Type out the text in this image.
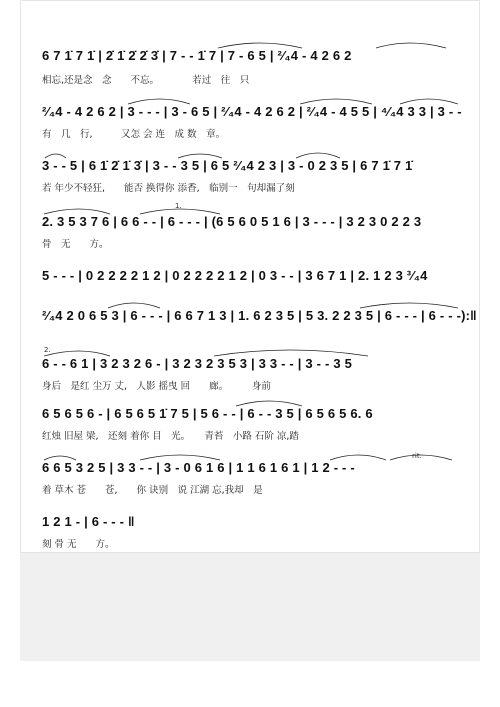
6 7 1̇ 7 1̇ | 2̇ 1̇ 2̇ 2̇ 3̇ | 7 - - 1̇ 7 | 7 - 6 5 | ²⁄₄4 - 4 2 6 2
相忘,还是念　念　　不忘。　　　　若过　往　只
²⁄₄4 - 4 2 6 2 | 3 - - - | 3 - 6 5 | ²⁄₄4 - 4 2 6 2 | ²⁄₄4 - 4 5 5 | ⁴⁄₄4 3 3 | 3 - -
有　几　行,　　　又怎 会 连　成 数　章。
3 - - 5 | 6 1̇ 2̇ 1̇ 3̇ | 3 - - 3 5 | 6 5 ²⁄₄4 2 3 | 3 - 0 2 3 5 | 6 7 1̇ 7 1̇
若 年少不轻狂,　　能否 换得你 添香,　临别一　句却漏了刻
1.
2. 3 5 3 7 6 | 6 6 - - | 6 - - - | (6 5 6 0 5 1 6 | 3 - - - | 3 2 3 0 2 2 3
骨　无　　方。
5 - - - | 0 2 2 2 2 1 2 | 0 2 2 2 2 1 2 | 0 3 - - | 3 6 7 1 | 2. 1 2 3 ³⁄₄4
²⁄₄4 2 0 6 5 3 | 6 - - - | 6 6 7 1 3 | 1. 6 2 3 5 | 5 3. 2 2 3 5 | 6 - - - | 6 - - -):‖
2.
6 - - 6 1 | 3 2 3 2 6 - | 3 2 3 2 3 5 3 | 3 3 - - | 3 - - 3 5
身后　是红 尘万 丈,　人影 摇曳 回　　廊。　　　身前
6 5 6 5 6 - | 6 5 6 5 1̇ 7 5 | 5 6 - - | 6 - - 3 5 | 6 5 6 5 6. 6
红烛 旧屋 梁,　还刻 着你 目　光。　　青苔　小路 石阶 凉,踏
rit.
6 6 5 3 2 5 | 3 3 - - | 3 - 0 6 1 6 | 1 1 6 1 6 1 | 1 2 - - -
着 草木 苍　　苍,　　你 诀别　说 江湖 忘,我却　是
1 2 1 - | 6 - - - ‖
刻 骨 无　　方。
